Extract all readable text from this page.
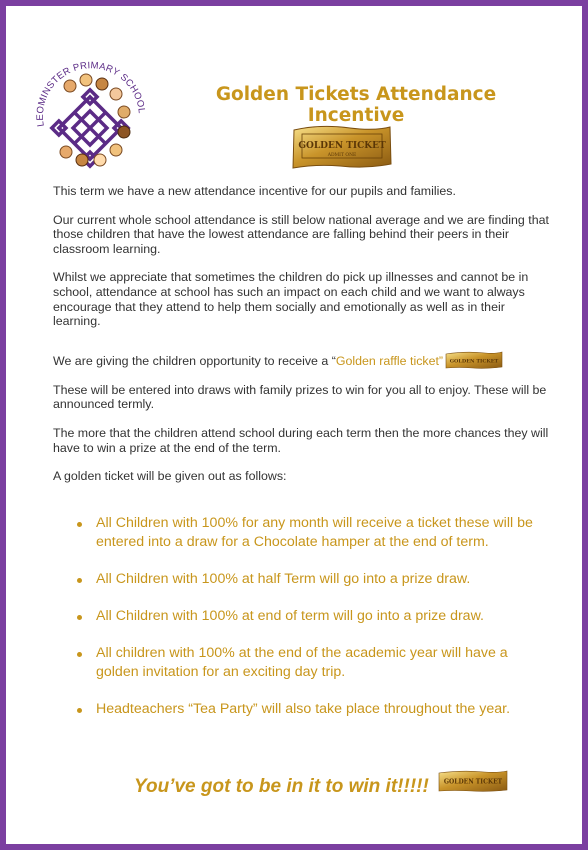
LEOMINSTER PRIMARY SCHOOL
Golden Tickets Attendance Incentive
GOLDEN TICKET
ADMIT ONE

This term we have a new attendance incentive for our pupils and families.

Our current whole school attendance is still below national average and we are finding that those children that have the lowest attendance are falling behind their peers in their classroom learning.

Whilst we appreciate that sometimes the children do pick up illnesses and cannot be in school, attendance at school has such an impact on each child and we want to always encourage that they attend to help them socially and emotionally as well as in their learning.

We are giving the children opportunity to receive a “Golden raffle ticket” GOLDEN TICKET

These will be entered into draws with family prizes to win for you all to enjoy. These will be announced termly.

The more that the children attend school during each term then the more chances they will have to win a prize at the end of the term.

A golden ticket will be given out as follows:

All Children with 100% for any month will receive a ticket these will be entered into a draw for a Chocolate hamper at the end of term.
All Children with 100% at half Term will go into a prize draw.
All Children with 100% at end of term will go into a prize draw.
All children with 100% at the end of the academic year will have a golden invitation for an exciting day trip.
Headteachers “Tea Party” will also take place throughout the year.
You’ve got to be in it to win it!!!!!	GOLDEN TICKET
